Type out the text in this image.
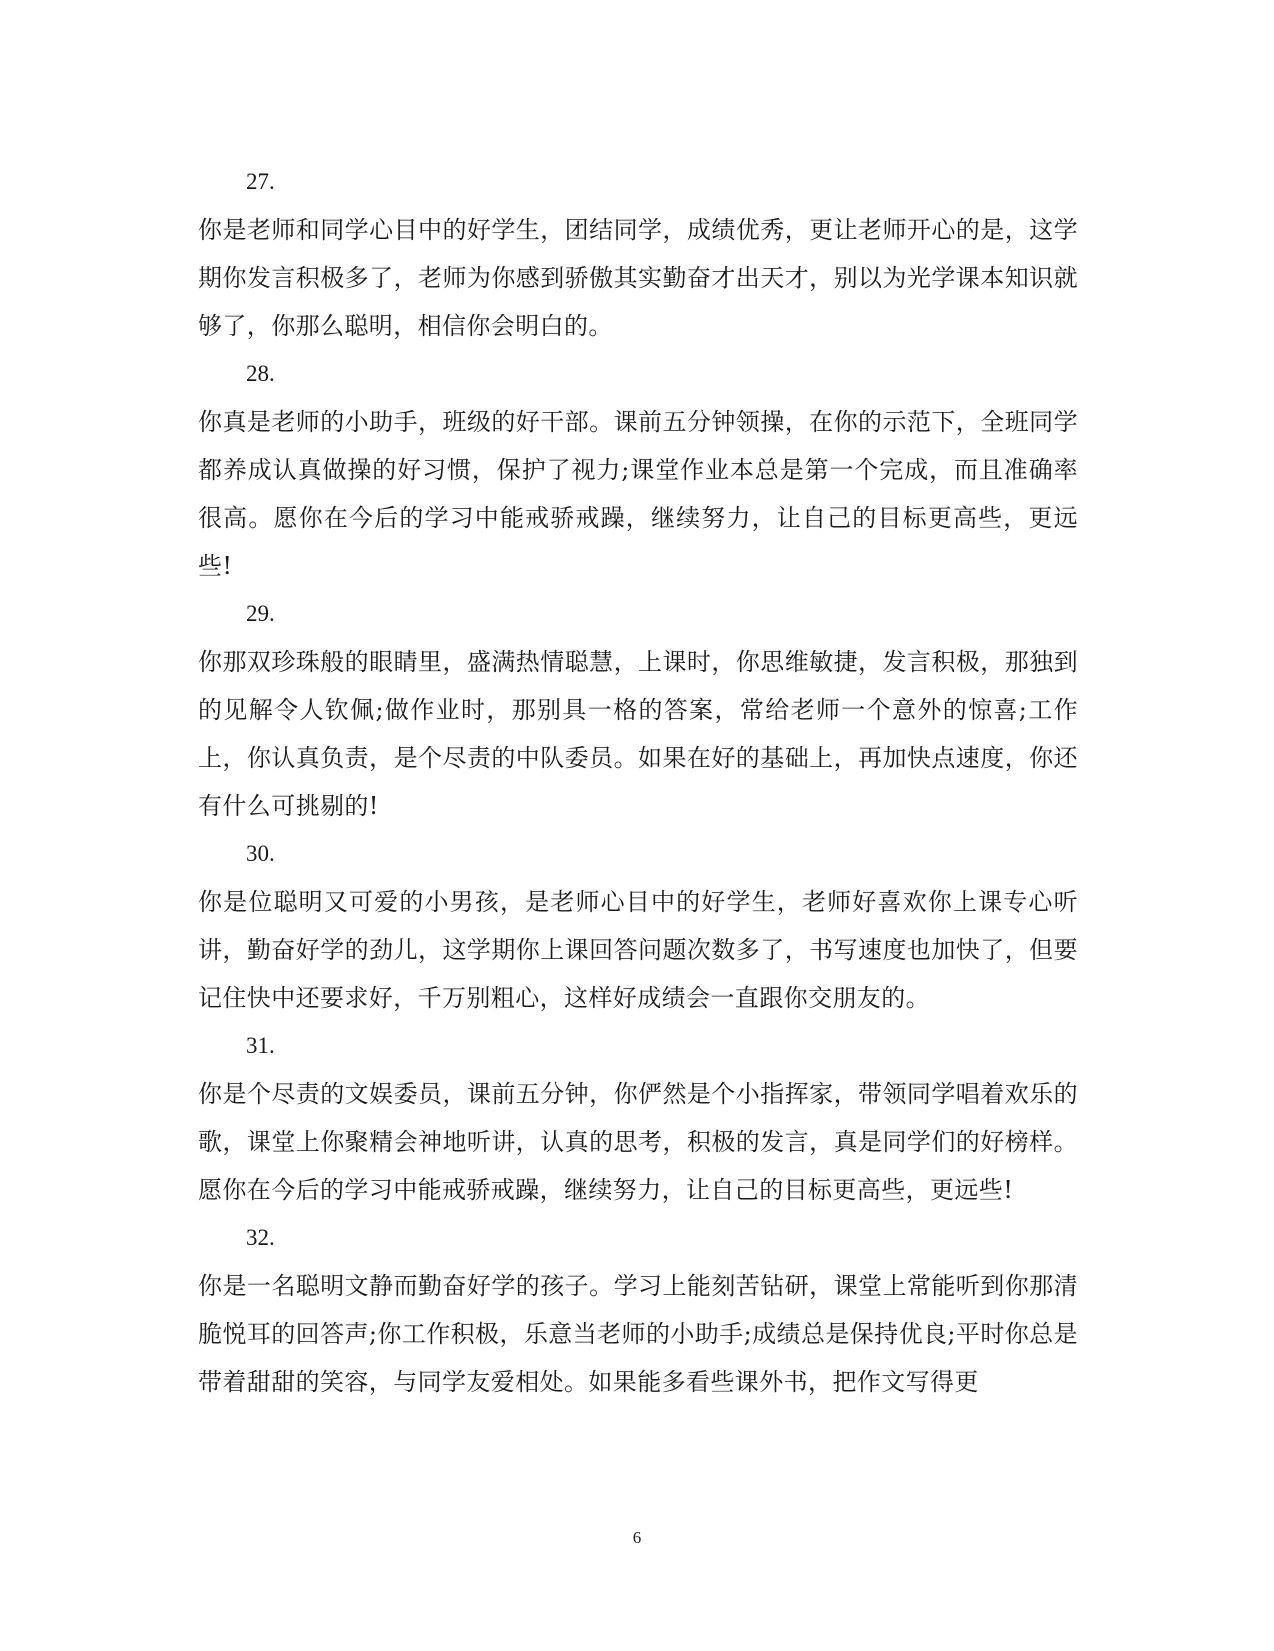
27.
你是老师和同学心目中的好学生，团结同学，成绩优秀，更让老师开心的是，这学期你发言积极多了，老师为你感到骄傲其实勤奋才出天才，别以为光学课本知识就够了，你那么聪明，相信你会明白的。
28.
你真是老师的小助手，班级的好干部。课前五分钟领操，在你的示范下，全班同学都养成认真做操的好习惯，保护了视力;课堂作业本总是第一个完成，而且准确率很高。愿你在今后的学习中能戒骄戒躁，继续努力，让自己的目标更高些，更远些!
29.
你那双珍珠般的眼睛里，盛满热情聪慧，上课时，你思维敏捷，发言积极，那独到的见解令人钦佩;做作业时，那别具一格的答案，常给老师一个意外的惊喜;工作上，你认真负责，是个尽责的中队委员。如果在好的基础上，再加快点速度，你还有什么可挑剔的!
30.
你是位聪明又可爱的小男孩，是老师心目中的好学生，老师好喜欢你上课专心听讲，勤奋好学的劲儿，这学期你上课回答问题次数多了，书写速度也加快了，但要记住快中还要求好，千万别粗心，这样好成绩会一直跟你交朋友的。
31.
你是个尽责的文娱委员，课前五分钟，你俨然是个小指挥家，带领同学唱着欢乐的歌，课堂上你聚精会神地听讲，认真的思考，积极的发言，真是同学们的好榜样。愿你在今后的学习中能戒骄戒躁，继续努力，让自己的目标更高些，更远些!
32.
你是一名聪明文静而勤奋好学的孩子。学习上能刻苦钻研，课堂上常能听到你那清脆悦耳的回答声;你工作积极，乐意当老师的小助手;成绩总是保持优良;平时你总是带着甜甜的笑容，与同学友爱相处。如果能多看些课外书，把作文写得更
6
